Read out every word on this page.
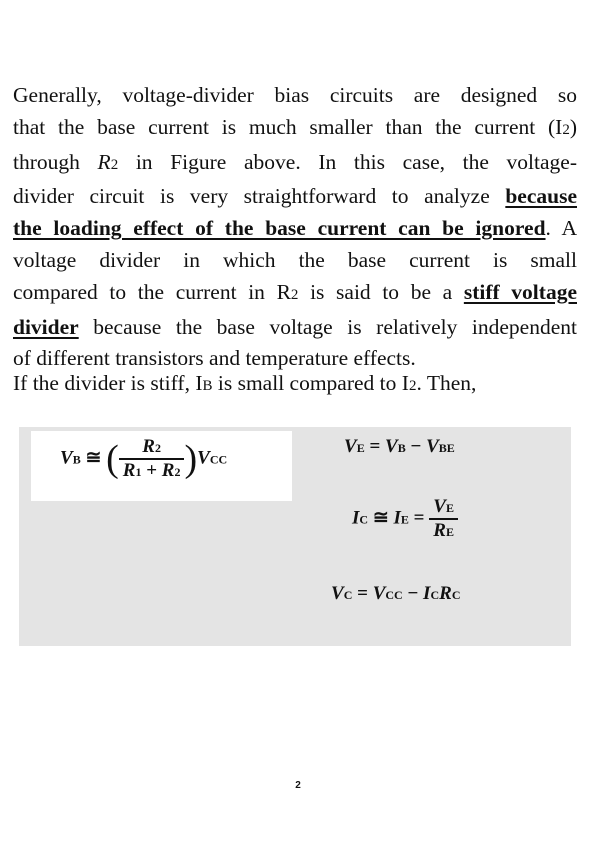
Generally, voltage-divider bias circuits are designed so

that the base current is much smaller than the current (I2)

through R2 in Figure above. In this case, the voltage-

divider circuit is very straightforward to analyze because

the loading effect of the base current can be ignored. A

voltage divider in which the base current is small

compared to the current in R2 is said to be a stiff voltage

divider because the base voltage is relatively independent

of different transistors and temperature effects.

If the divider is stiff, IB is small compared to I2. Then,

VB ≅ ( $\frac{R2}{R1 + R2} )VCC$
VE = VB − VBE
IC ≅ IE = $\frac{VE}{RE}$
VC = VCC − ICRC
2
